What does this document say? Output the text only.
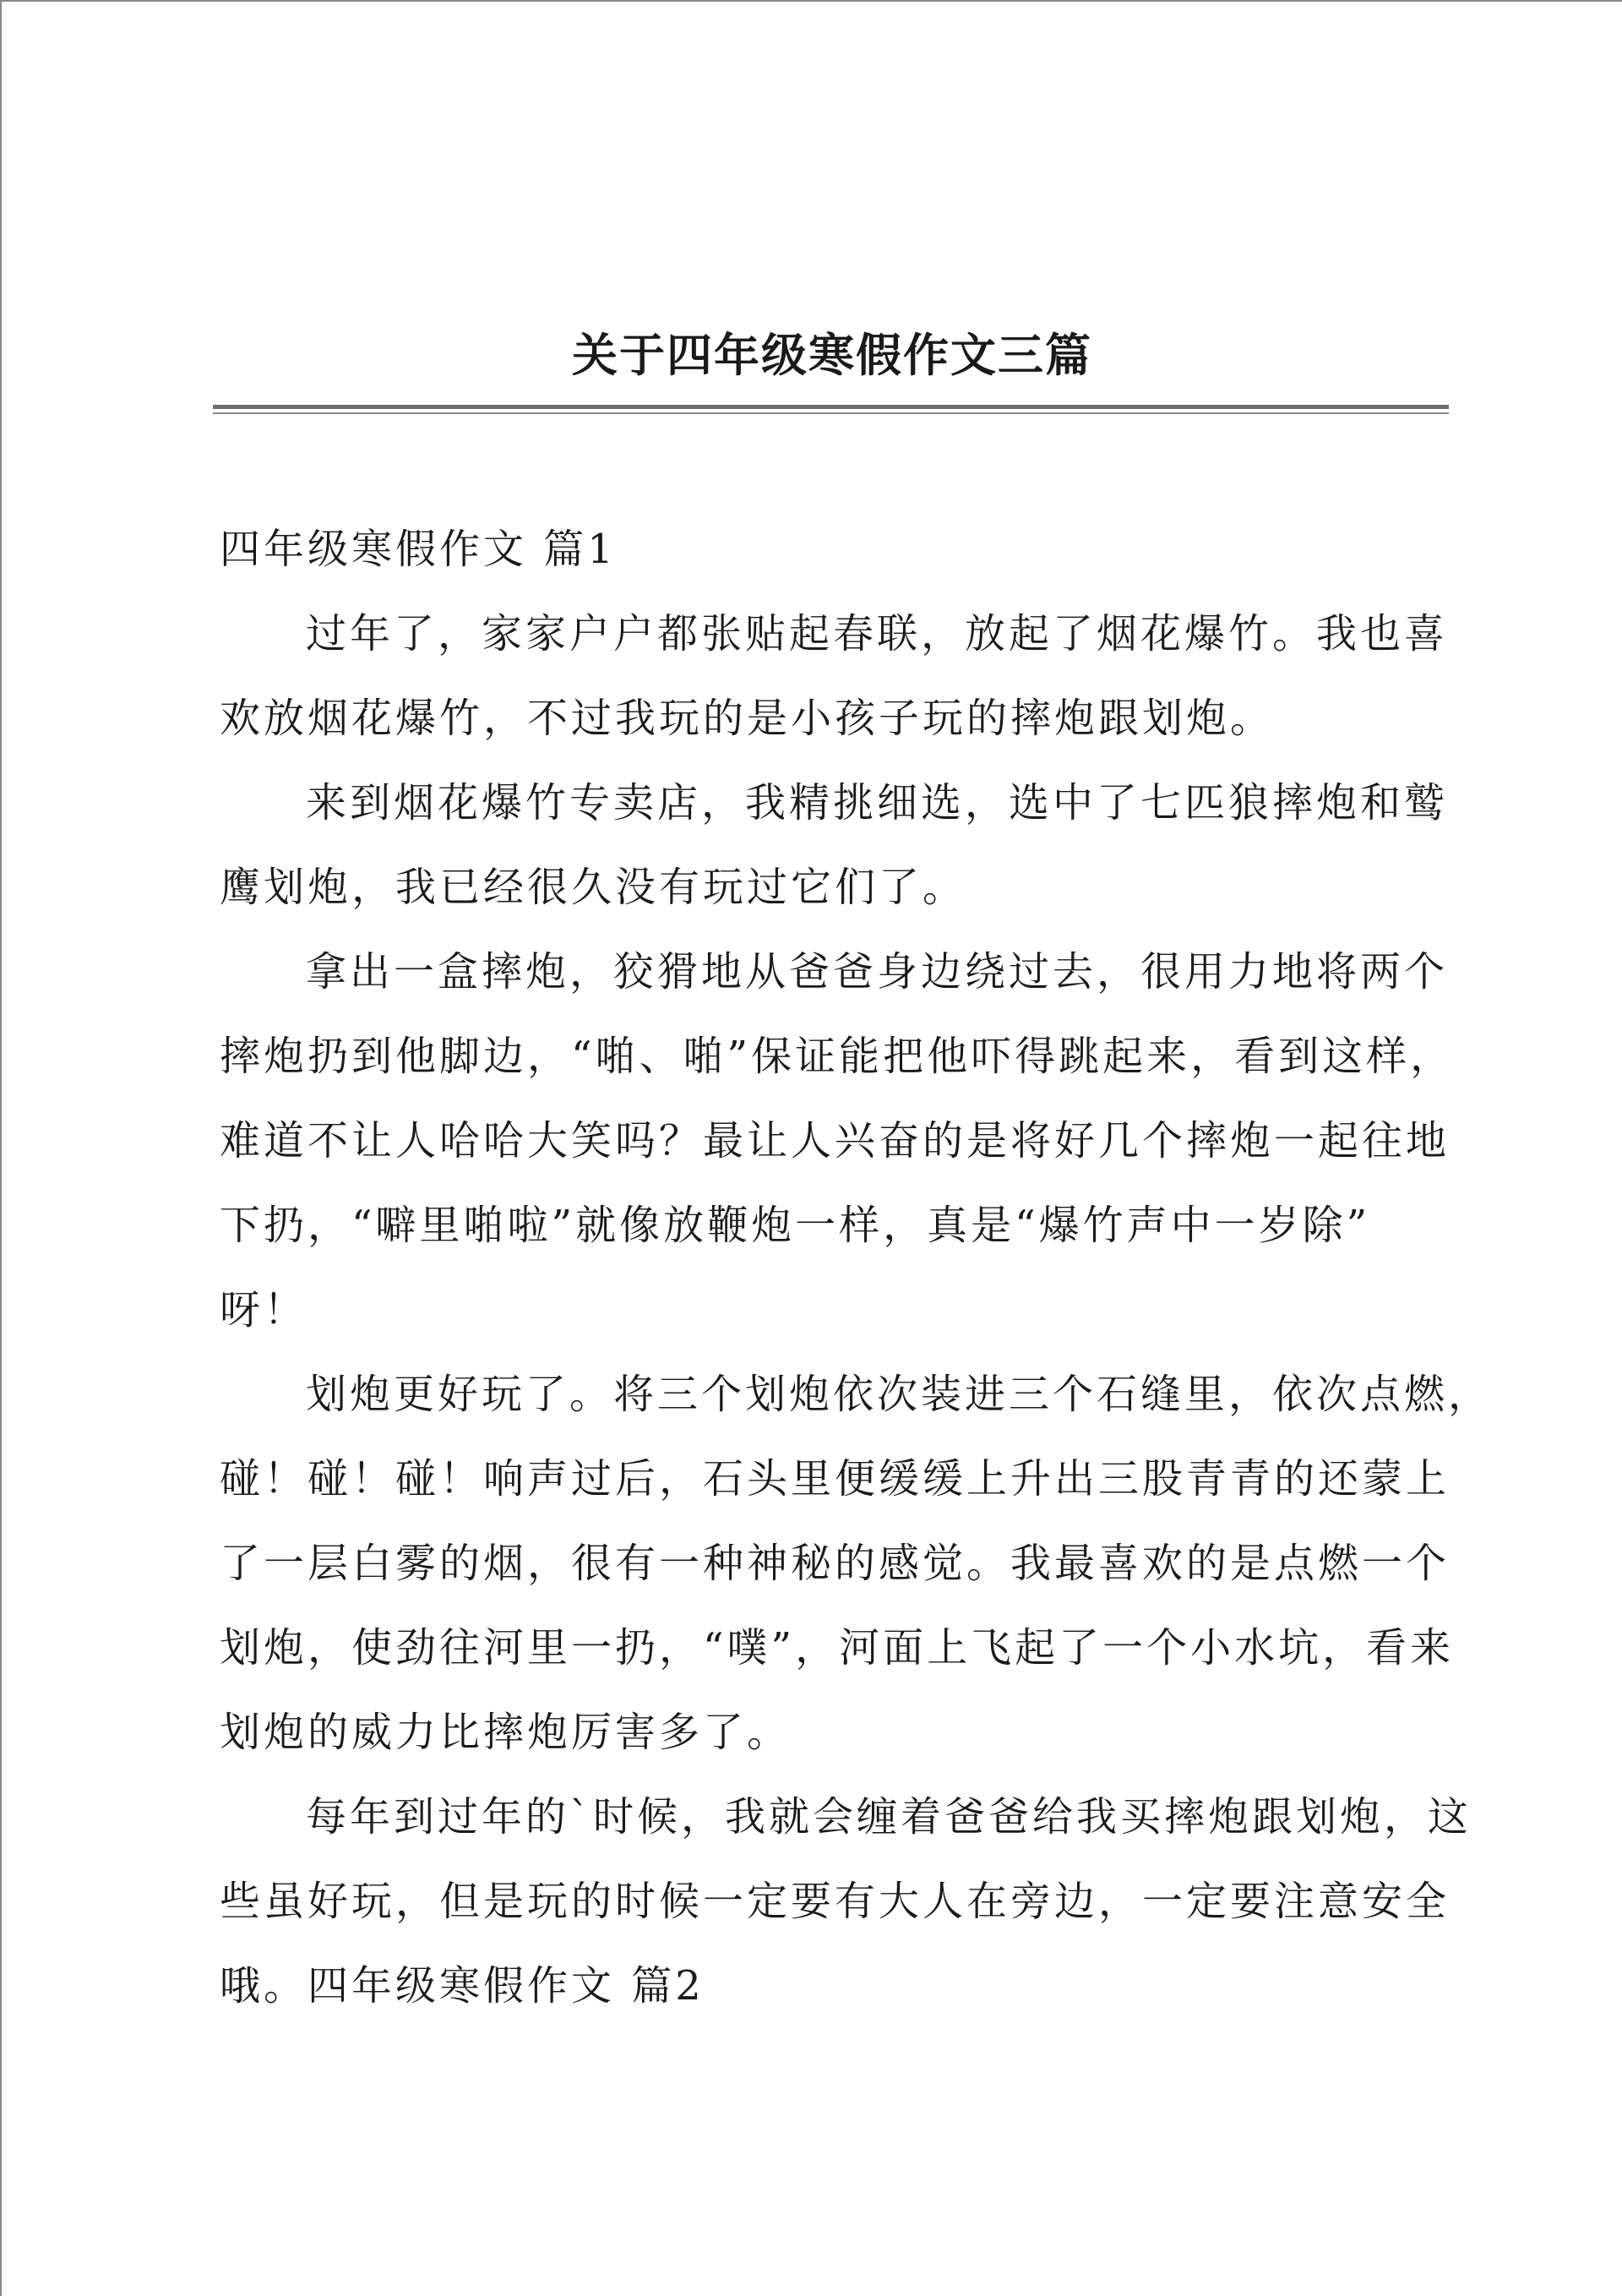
关于四年级寒假作文三篇
四年级寒假作文 篇1
过年了，家家户户都张贴起春联，放起了烟花爆竹。我也喜
欢放烟花爆竹，不过我玩的是小孩子玩的摔炮跟划炮。
来到烟花爆竹专卖店，我精挑细选，选中了七匹狼摔炮和鹫
鹰划炮，我已经很久没有玩过它们了。
拿出一盒摔炮，狡猾地从爸爸身边绕过去，很用力地将两个
摔炮扔到他脚边，“啪、啪”保证能把他吓得跳起来，看到这样，
难道不让人哈哈大笑吗？最让人兴奋的是将好几个摔炮一起往地
下扔，“噼里啪啦”就像放鞭炮一样，真是“爆竹声中一岁除”
呀！
划炮更好玩了。将三个划炮依次装进三个石缝里，依次点燃，
碰！碰！碰！响声过后，石头里便缓缓上升出三股青青的还蒙上
了一层白雾的烟，很有一种神秘的感觉。我最喜欢的是点燃一个
划炮，使劲往河里一扔，“噗”，河面上飞起了一个小水坑，看来
划炮的威力比摔炮厉害多了。
每年到过年的`时候，我就会缠着爸爸给我买摔炮跟划炮，这
些虽好玩，但是玩的时候一定要有大人在旁边，一定要注意安全
哦。四年级寒假作文 篇2
